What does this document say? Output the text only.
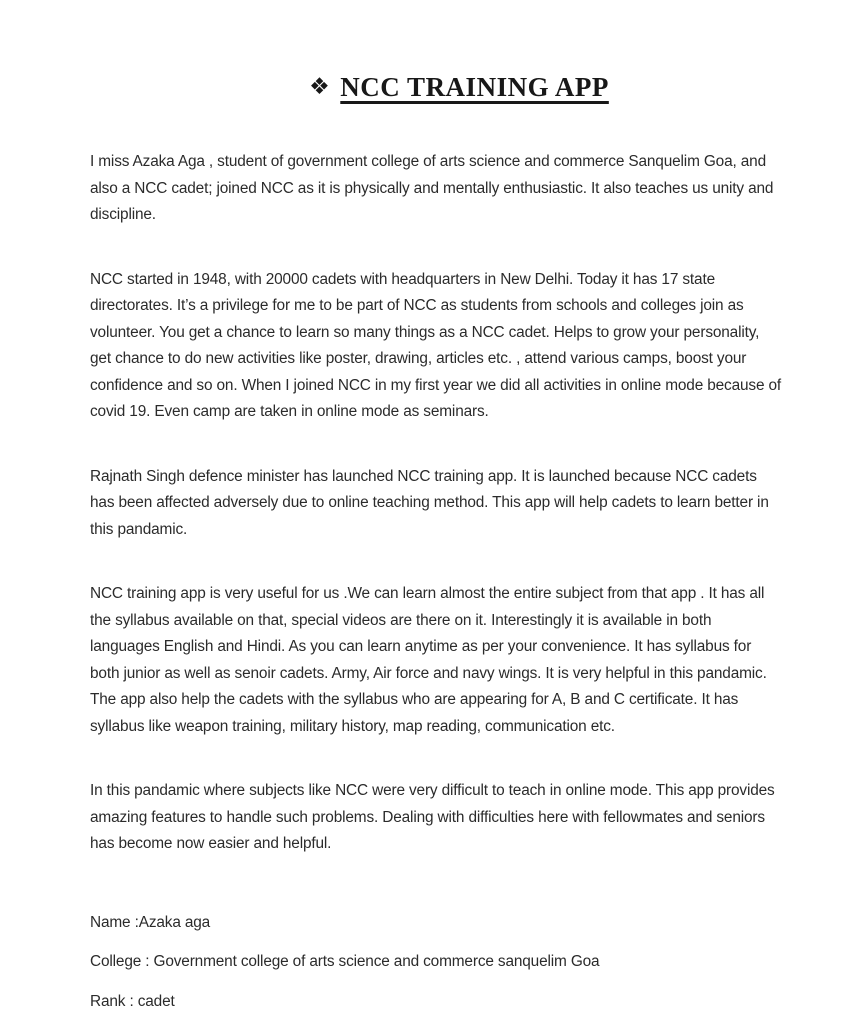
❖ NCC TRAINING APP

I miss Azaka Aga , student of government college of arts science and commerce Sanquelim Goa, and also a NCC cadet; joined NCC as it is physically and mentally enthusiastic. It also teaches us unity and discipline.

NCC started in 1948, with 20000 cadets with headquarters in New Delhi. Today it has 17 state directorates. It’s a privilege for me to be part of NCC as students from schools and colleges join as volunteer. You get a chance to learn so many things as a NCC cadet. Helps to grow your personality, get chance to do new activities like poster, drawing, articles etc. , attend various camps, boost your confidence and so on. When I joined NCC in my first year we did all activities in online mode because of covid 19. Even camp are taken in online mode as seminars.

Rajnath Singh defence minister has launched NCC training app. It is launched because NCC cadets has been affected adversely due to online teaching method. This app will help cadets to learn better in this pandamic.

NCC training app is very useful for us .We can learn almost the entire subject from that app . It has all the syllabus available on that, special videos are there on it. Interestingly it is available in both languages English and Hindi. As you can learn anytime as per your convenience. It has syllabus for both junior as well as senoir cadets. Army, Air force and navy wings. It is very helpful in this pandamic. The app also help the cadets with the syllabus who are appearing for A, B and C certificate. It has syllabus like weapon training, military history, map reading, communication etc.

In this pandamic where subjects like NCC were very difficult to teach in online mode. This app provides amazing features to handle such problems. Dealing with difficulties here with fellowmates and seniors has become now easier and helpful.

Name :Azaka aga
College : Government college of arts science and commerce sanquelim Goa
Rank : cadet
